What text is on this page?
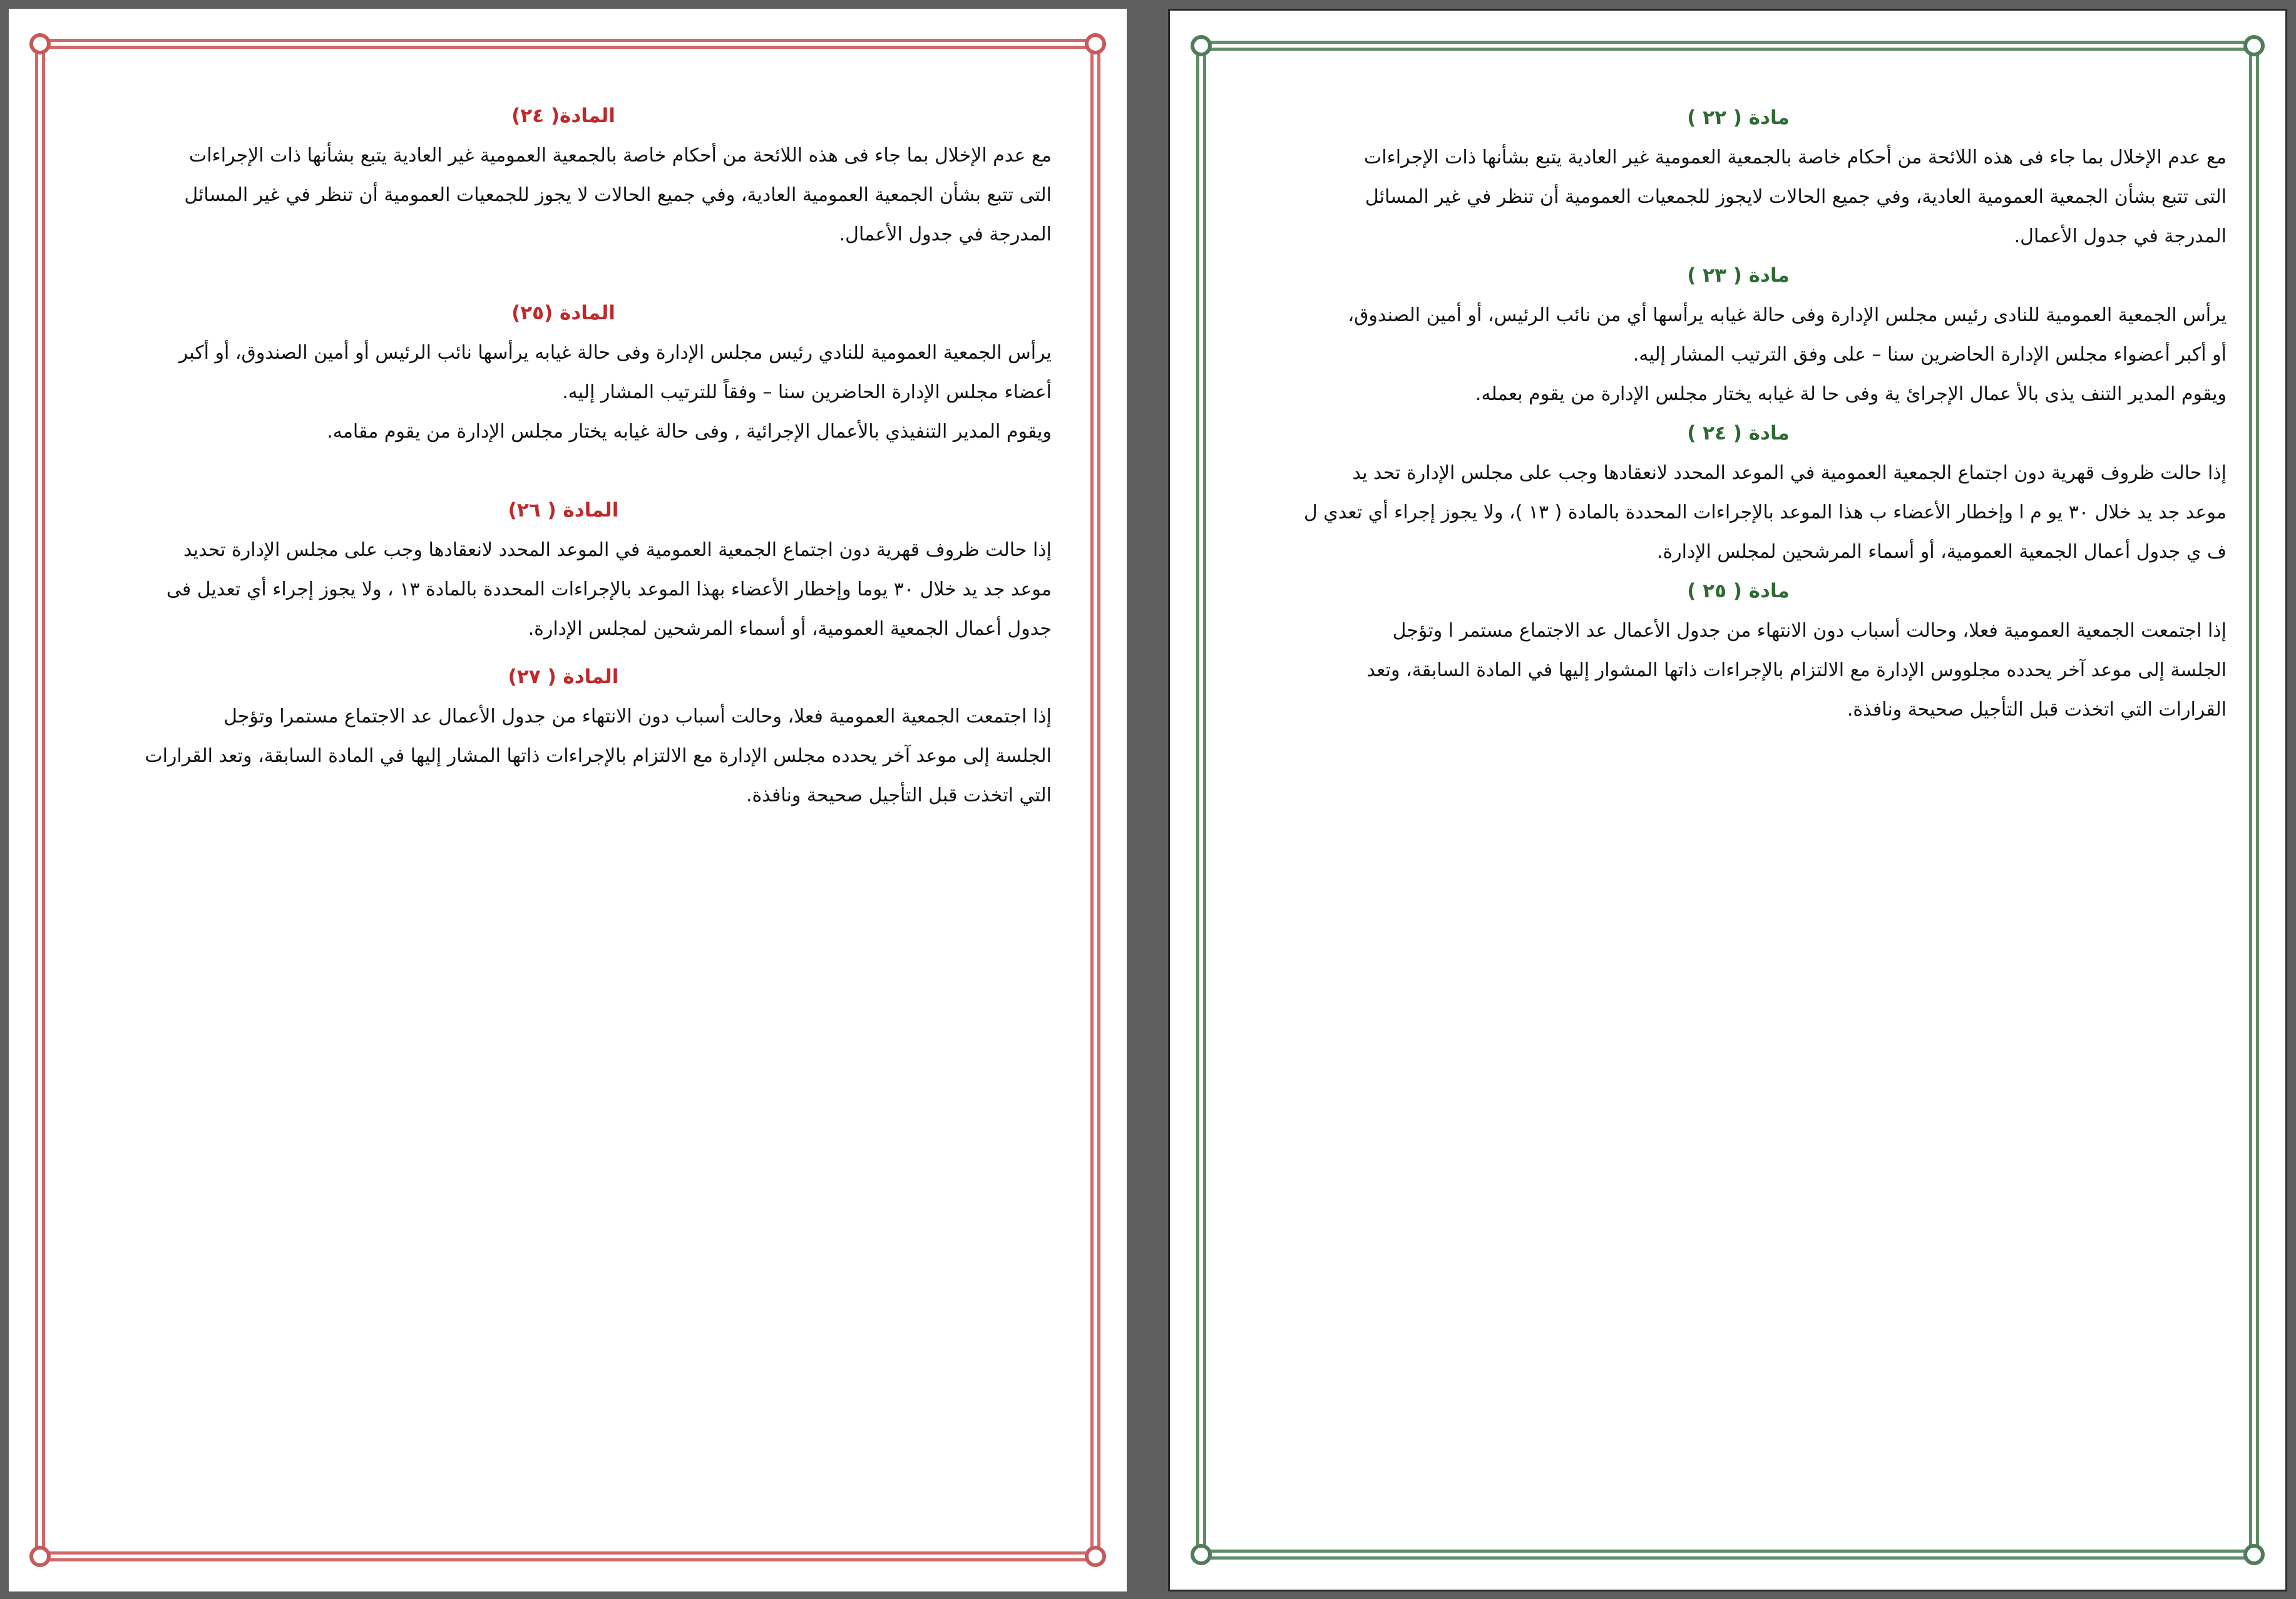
المادة( ٢٤)

مع عدم الإخلال بما جاء فى هذه اللائحة من أحكام خاصة بالجمعية العمومية غير العادية يتبع بشأنها ذات الإجراءات

التى تتبع بشأن الجمعية العمومية العادية، وفي جميع الحالات لا يجوز للجمعيات العمومية أن تنظر في غير المسائل

المدرجة في جدول الأعمال.

المادة (٢٥)

يرأس الجمعية العمومية للنادي رئيس مجلس الإدارة وفى حالة غيابه يرأسها نائب الرئيس أو أمين الصندوق، أو أكبر

أعضاء مجلس الإدارة الحاضرين سنا – وفقاً للترتيب المشار إليه.

ويقوم المدير التنفيذي بالأعمال الإجرائية , وفى حالة غيابه يختار مجلس الإدارة من يقوم مقامه.

المادة ( ٢٦)

إذا حالت ظروف قهرية دون اجتماع الجمعية العمومية في الموعد المحدد لانعقادها وجب على مجلس الإدارة تحديد

موعد جد يد خلال ٣٠ يوما وإخطار الأعضاء بهذا الموعد بالإجراءات المحددة بالمادة ١٣ ، ولا يجوز إجراء أي تعديل فى

جدول أعمال الجمعية العمومية، أو أسماء المرشحين لمجلس الإدارة.

المادة ( ٢٧)

إذا اجتمعت الجمعية العمومية فعلا، وحالت أسباب دون الانتهاء من جدول الأعمال عد الاجتماع مستمرا وتؤجل

الجلسة إلى موعد آخر يحدده مجلس الإدارة مع الالتزام بالإجراءات ذاتها المشار إليها في المادة السابقة، وتعد القرارات

التي اتخذت قبل التأجيل صحيحة ونافذة.

مادة ( ٢٢ )

مع عدم الإخلال بما جاء فى هذه اللائحة من أحكام خاصة بالجمعية العمومية غير العادية يتبع بشأنها ذات الإجراءات

التى تتبع بشأن الجمعية العمومية العادية، وفي جميع الحالات لايجوز للجمعيات العمومية أن تنظر في غير المسائل

المدرجة في جدول الأعمال.

مادة ( ٢٣ )

يرأس الجمعية العمومية للنادى رئيس مجلس الإدارة وفى حالة غيابه يرأسها أي من نائب الرئيس، أو أمين الصندوق،

أو أكبر أعضواء مجلس الإدارة الحاضرين سنا – على وفق الترتيب المشار إليه.

ويقوم المدير التنف يذى بالأ عمال الإجرائ ية وفى حا لة غيابه يختار مجلس الإدارة من يقوم بعمله.

مادة ( ٢٤ )

إذا حالت ظروف قهرية دون اجتماع الجمعية العمومية في الموعد المحدد لانعقادها وجب على مجلس الإدارة تحد يد

موعد جد يد خلال ٣٠ يو م ا وإخطار الأعضاء ب هذا الموعد بالإجراءات المحددة بالمادة ( ١٣ )، ولا يجوز إجراء أي تعدي ل

ف ي جدول أعمال الجمعية العمومية، أو أسماء المرشحين لمجلس الإدارة.

مادة ( ٢٥ )

إذا اجتمعت الجمعية العمومية فعلا، وحالت أسباب دون الانتهاء من جدول الأعمال عد الاجتماع مستمر ا وتؤجل

الجلسة إلى موعد آخر يحدده مجلووس الإدارة مع الالتزام بالإجراءات ذاتها المشوار إليها في المادة السابقة، وتعد

القرارات التي اتخذت قبل التأجيل صحيحة ونافذة.
